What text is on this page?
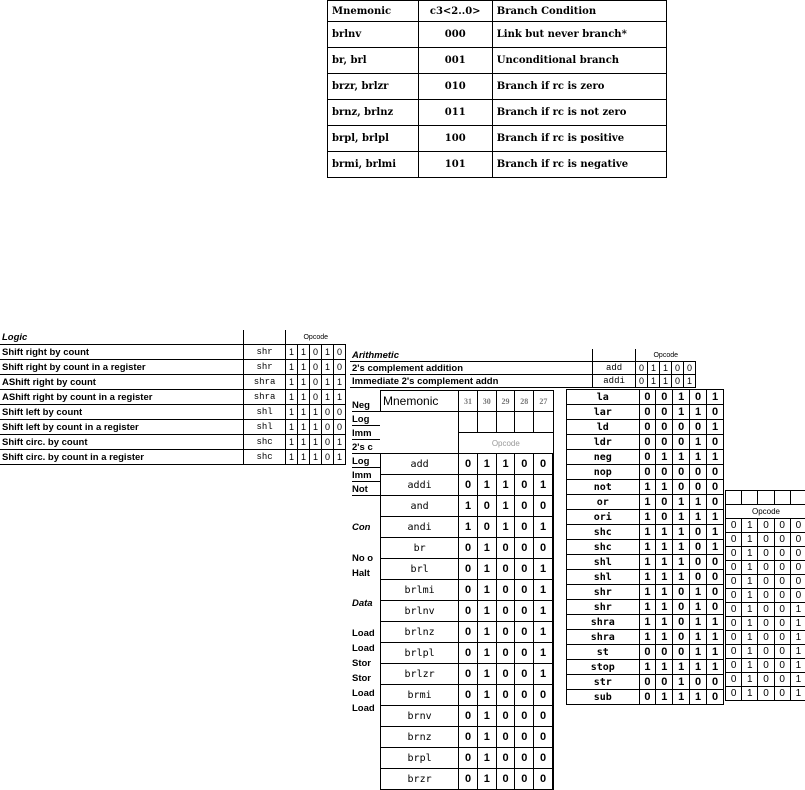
Mnemonic	c3<2..0>	Branch Condition
brlnv	000	Link but never branch*
br, brl	001	Unconditional branch
brzr, brlzr	010	Branch if rc is zero
brnz, brlnz	011	Branch if rc is not zero
brpl, brlpl	100	Branch if rc is positive
brmi, brlmi	101	Branch if rc is negative
Logic		Opcode				
Shift right by count	shr	1	1	0	1	0
Shift right by count in a register	shr	1	1	0	1	0
AShift right by count	shra	1	1	0	1	1
AShift right by count in a register	shra	1	1	0	1	1
Shift left by count	shl	1	1	1	0	0
Shift left by count in a register	shl	1	1	1	0	0
Shift circ. by count	shc	1	1	1	0	1
Shift circ. by count in a register	shc	1	1	1	0	1
Arithmetic		Opcode				
2's complement addition	add	0	1	1	0	0
Immediate 2's complement addn	addi	0	1	1	0	1
Neg
Log
Imm
2's c
Log
Imm
Not
Con
No o
Halt
Data
Load
Load
Stor
Stor
Load
Load
Mnemonic	31	30	29	28	27

	Opcode				
add	0	1	1	0	0
addi	0	1	1	0	1
and	1	0	1	0	0
andi	1	0	1	0	1
br	0	1	0	0	0
brl	0	1	0	0	1
brlmi	0	1	0	0	1
brlnv	0	1	0	0	1
brlnz	0	1	0	0	1
brlpl	0	1	0	0	1
brlzr	0	1	0	0	1
brmi	0	1	0	0	0
brnv	0	1	0	0	0
brnz	0	1	0	0	0
brpl	0	1	0	0	0
brzr	0	1	0	0	0
la	0	0	1	0	1
lar	0	0	1	1	0
ld	0	0	0	0	1
ldr	0	0	0	1	0
neg	0	1	1	1	1
nop	0	0	0	0	0
not	1	1	0	0	0
or	1	0	1	1	0
ori	1	0	1	1	1
shc	1	1	1	0	1
shc	1	1	1	0	1
shl	1	1	1	0	0
shl	1	1	1	0	0
shr	1	1	0	1	0
shr	1	1	0	1	0
shra	1	1	0	1	1
shra	1	1	0	1	1
st	0	0	0	1	1
stop	1	1	1	1	1
str	0	0	1	0	0
sub	0	1	1	1	0

Opcode				
0	1	0	0	0
0	1	0	0	0
0	1	0	0	0
0	1	0	0	0
0	1	0	0	0
0	1	0	0	0
0	1	0	0	1
0	1	0	0	1
0	1	0	0	1
0	1	0	0	1
0	1	0	0	1
0	1	0	0	1
0	1	0	0	1
